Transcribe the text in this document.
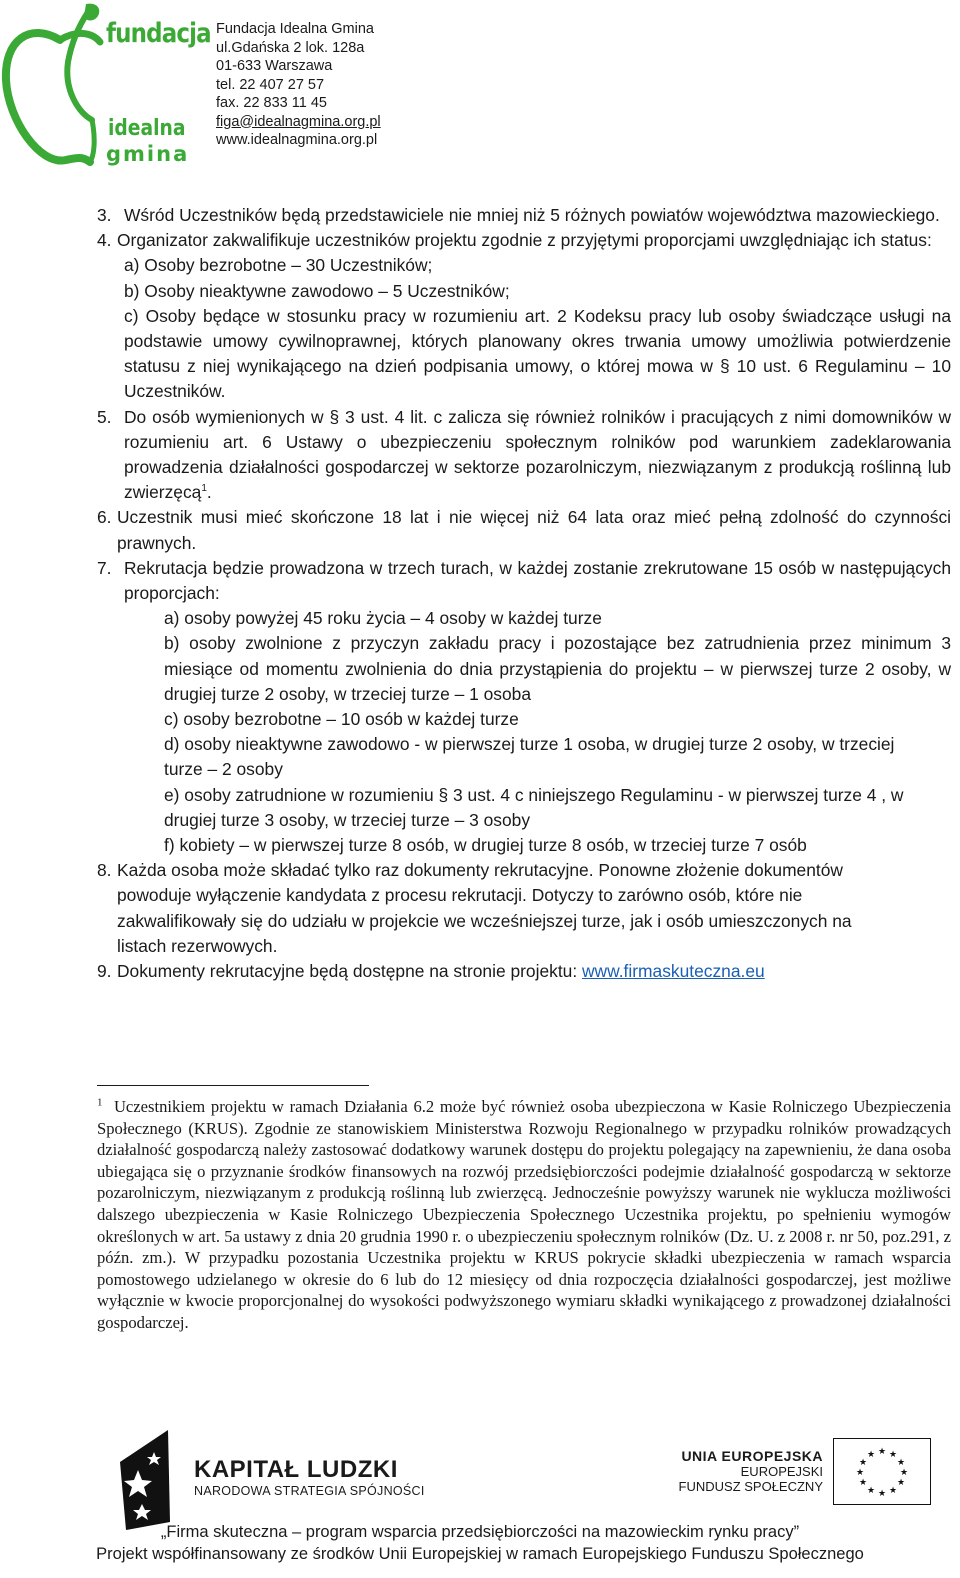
fundacja
idealna
gmina
Fundacja Idealna Gmina
ul.Gdańska 2 lok. 128a
01-633 Warszawa
tel. 22 407 27 57
fax. 22 833 11 45
figa@idealnagmina.org.pl
www.idealnagmina.org.pl
3. Wśród Uczestników będą przedstawiciele nie mniej niż 5 różnych powiatów województwa mazowieckiego.
4. Organizator zakwalifikuje uczestników projektu zgodnie z przyjętymi proporcjami uwzględniając ich status:

a) Osoby bezrobotne – 30 Uczestników;

b) Osoby nieaktywne zawodowo – 5 Uczestników;

c) Osoby będące w stosunku pracy w rozumieniu art. 2 Kodeksu pracy lub osoby świadczące usługi na podstawie umowy cywilnoprawnej, których planowany okres trwania umowy umożliwia potwierdzenie statusu z niej wynikającego na dzień podpisania umowy, o której mowa w § 10 ust. 6 Regulaminu – 10 Uczestników.

5. Do osób wymienionych w § 3 ust. 4 lit. c zalicza się również rolników i pracujących z nimi domowników w rozumieniu art. 6 Ustawy o ubezpieczeniu społecznym rolników pod warunkiem zadeklarowania prowadzenia działalności gospodarczej w sektorze pozarolniczym, niezwiązanym z produkcją roślinną lub zwierzęcą$^1$.
6. Uczestnik musi mieć skończone 18 lat i nie więcej niż 64 lata oraz mieć pełną zdolność do czynności prawnych.
7. Rekrutacja będzie prowadzona w trzech turach, w każdej zostanie zrekrutowane 15 osób w następujących proporcjach:

a) osoby powyżej 45 roku życia – 4 osoby w każdej turze

b) osoby zwolnione z przyczyn zakładu pracy i pozostające bez zatrudnienia przez minimum 3 miesiące od momentu zwolnienia do dnia przystąpienia do projektu – w pierwszej turze 2 osoby, w drugiej turze 2 osoby, w trzeciej turze – 1 osoba

c) osoby bezrobotne – 10 osób w każdej turze

d) osoby nieaktywne zawodowo - w pierwszej turze 1 osoba, w drugiej turze 2 osoby, w trzeciej turze – 2 osoby

e) osoby zatrudnione w rozumieniu § 3 ust. 4 c niniejszego Regulaminu - w pierwszej turze 4 , w drugiej turze 3 osoby, w trzeciej turze – 3 osoby

f) kobiety – w pierwszej turze 8 osób, w drugiej turze 8 osób, w trzeciej turze 7 osób

8. Każda osoba może składać tylko raz dokumenty rekrutacyjne. Ponowne złożenie dokumentów powoduje wyłączenie kandydata z procesu rekrutacji. Dotyczy to zarówno osób, które nie zakwalifikowały się do udziału w projekcie we wcześniejszej turze, jak i osób umieszczonych na listach rezerwowych.
9. Dokumenty rekrutacyjne będą dostępne na stronie projektu: www.firmaskuteczna.eu
$^1$ Uczestnikiem projektu w ramach Działania 6.2 może być również osoba ubezpieczona w Kasie Rolniczego Ubezpieczenia Społecznego (KRUS). Zgodnie ze stanowiskiem Ministerstwa Rozwoju Regionalnego w przypadku rolników prowadzących działalność gospodarczą należy zastosować dodatkowy warunek dostępu do projektu polegający na zapewnieniu, że dana osoba ubiegająca się o przyznanie środków finansowych na rozwój przedsiębiorczości podejmie działalność gospodarczą w sektorze pozarolniczym, niezwiązanym z produkcją roślinną lub zwierzęcą. Jednocześnie powyższy warunek nie wyklucza możliwości dalszego ubezpieczenia w Kasie Rolniczego Ubezpieczenia Społecznego Uczestnika projektu, po spełnieniu wymogów określonych w art. 5a ustawy z dnia 20 grudnia 1990 r. o ubezpieczeniu społecznym rolników (Dz. U. z 2008 r. nr 50, poz.291, z późn. zm.). W przypadku pozostania Uczestnika projektu w KRUS pokrycie składki ubezpieczenia w ramach wsparcia pomostowego udzielanego w okresie do 6 lub do 12 miesięcy od dnia rozpoczęcia działalności gospodarczej, jest możliwe wyłącznie w kwocie proporcjonalnej do wysokości podwyższonego wymiaru składki wynikającego z prowadzonej działalności gospodarczej.
KAPITAŁ LUDZKI
NARODOWA STRATEGIA SPÓJNOŚCI
UNIA EUROPEJSKA
EUROPEJSKI
FUNDUSZ SPOŁECZNY
★ ★
★
★
★
★
★
★
★
★
★
★
„Firma skuteczna – program wsparcia przedsiębiorczości na mazowieckim rynku pracy”
Projekt współfinansowany ze środków Unii Europejskiej w ramach Europejskiego Funduszu Społecznego
